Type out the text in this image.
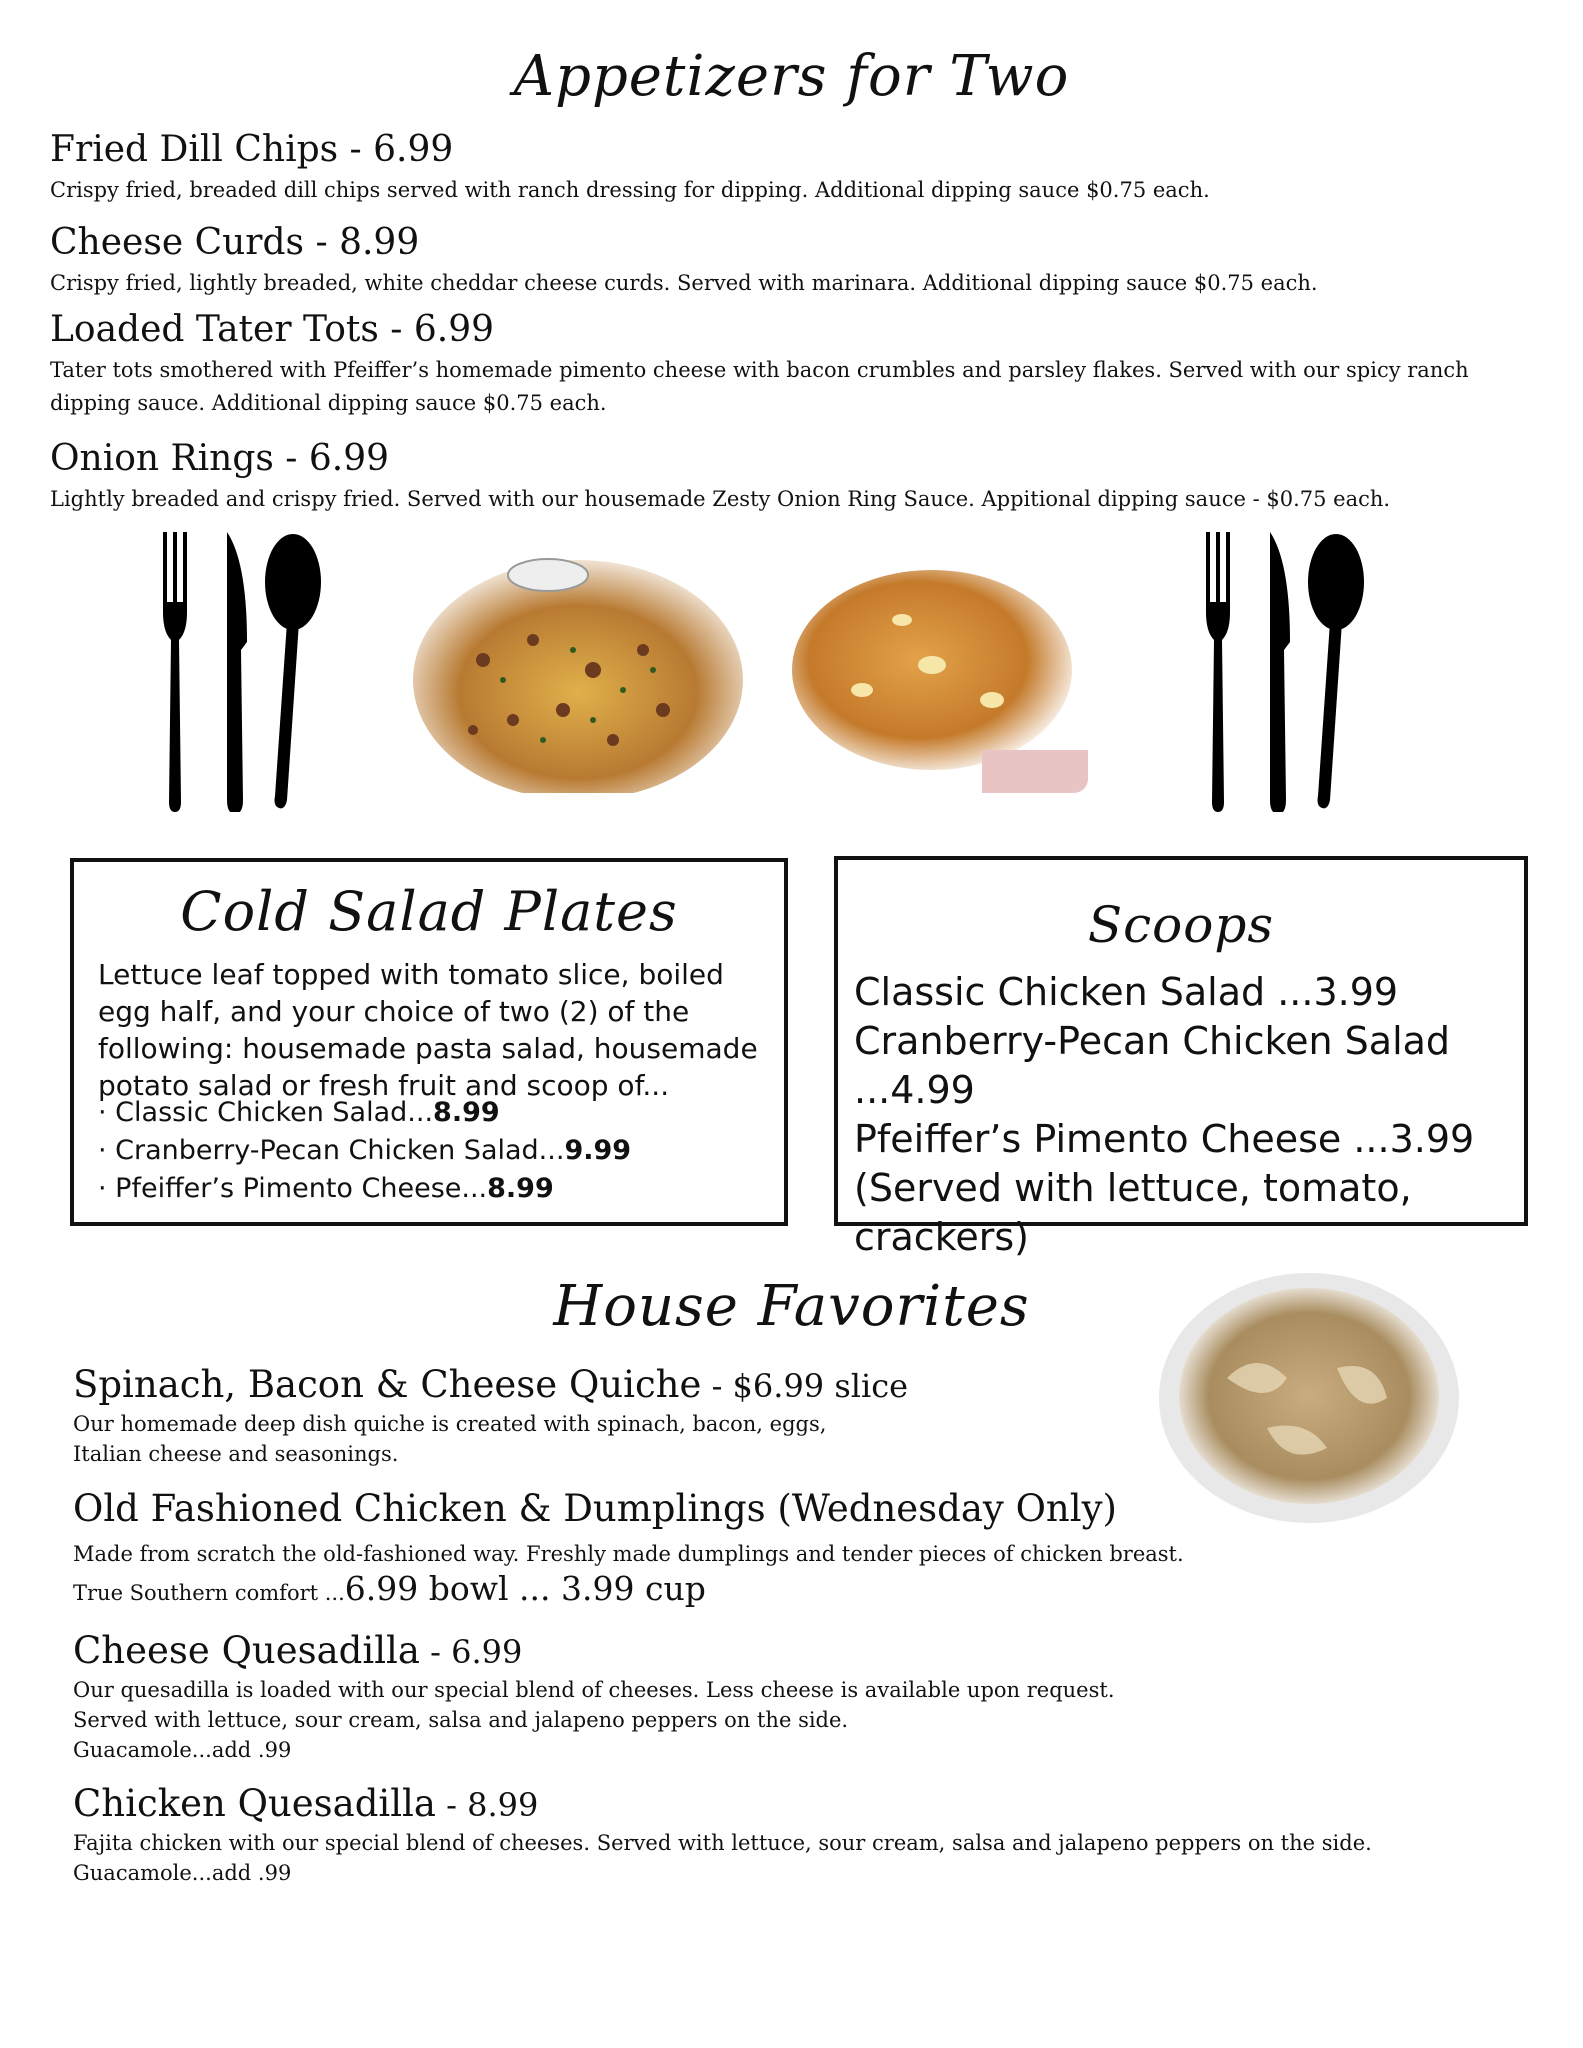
Appetizers for Two
Fried Dill Chips - 6.99
Crispy fried, breaded dill chips served with ranch dressing for dipping. Additional dipping sauce $0.75 each.
Cheese Curds - 8.99
Crispy fried, lightly breaded, white cheddar cheese curds. Served with marinara. Additional dipping sauce $0.75 each.
Loaded Tater Tots - 6.99
Tater tots smothered with Pfeiffer’s homemade pimento cheese with bacon crumbles and parsley flakes. Served with our spicy ranch dipping sauce. Additional dipping sauce $0.75 each.
Onion Rings - 6.99
Lightly breaded and crispy fried. Served with our housemade Zesty Onion Ring Sauce. Appitional dipping sauce - $0.75 each.
Cold Salad Plates
Lettuce leaf topped with tomato slice, boiled egg half, and your choice of two (2) of the following: housemade pasta salad, housemade potato salad or fresh fruit and scoop of...
· Classic Chicken Salad...8.99
· Cranberry-Pecan Chicken Salad...9.99
· Pfeiffer’s Pimento Cheese...8.99
Scoops
Classic Chicken Salad ...3.99
Cranberry-Pecan Chicken Salad ...4.99
Pfeiffer’s Pimento Cheese ...3.99
(Served with lettuce, tomato, crackers)
House Favorites
Spinach, Bacon & Cheese Quiche - $6.99 slice
Our homemade deep dish quiche is created with spinach, bacon, eggs,
Italian cheese and seasonings.
Old Fashioned Chicken & Dumplings (Wednesday Only)
Made from scratch the old-fashioned way. Freshly made dumplings and tender pieces of chicken breast.
True Southern comfort ...6.99 bowl ... 3.99 cup
Cheese Quesadilla - 6.99
Our quesadilla is loaded with our special blend of cheeses. Less cheese is available upon request.
Served with lettuce, sour cream, salsa and jalapeno peppers on the side.
Guacamole...add .99
Chicken Quesadilla - 8.99
Fajita chicken with our special blend of cheeses. Served with lettuce, sour cream, salsa and jalapeno peppers on the side.
Guacamole...add .99
